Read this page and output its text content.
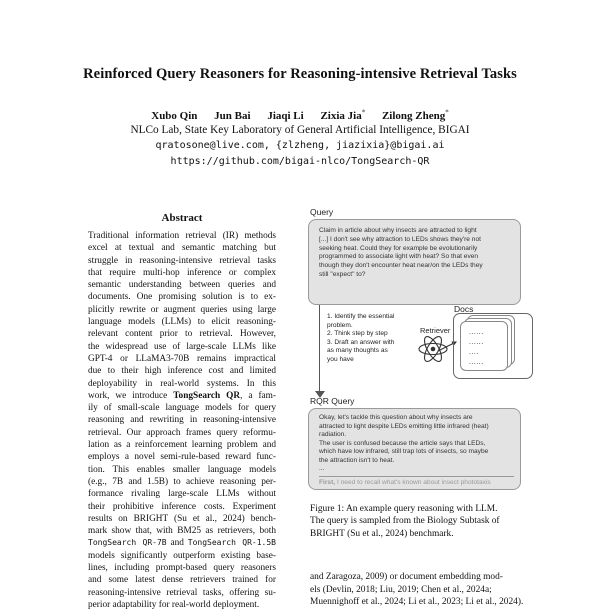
Reinforced Query Reasoners for Reasoning-intensive Retrieval Tasks
Xubo Qin Jun Bai Jiaqi Li Zixia Jia* Zilong Zheng*
NLCo Lab, State Key Laboratory of General Artificial Intelligence, BIGAI
qratosone@live.com, {zlzheng, jiazixia}@bigai.ai
https://github.com/bigai-nlco/TongSearch-QR
Abstract
Traditional information retrieval (IR) methods
excel at textual and semantic matching but
struggle in reasoning-intensive retrieval tasks
that require multi-hop inference or complex
semantic understanding between queries and
documents. One promising solution is to ex-
plicitly rewrite or augment queries using large
language models (LLMs) to elicit reasoning-
relevant content prior to retrieval. However,
the widespread use of large-scale LLMs like
GPT-4 or LLaMA3-70B remains impractical
due to their high inference cost and limited
deployability in real-world systems. In this
work, we introduce TongSearch QR, a fam-
ily of small-scale language models for query
reasoning and rewriting in reasoning-intensive
retrieval. Our approach frames query reformu-
lation as a reinforcement learning problem and
employs a novel semi-rule-based reward func-
tion. This enables smaller language models
(e.g., 7B and 1.5B) to achieve reasoning per-
formance rivaling large-scale LLMs without
their prohibitive inference costs. Experiment
results on BRIGHT (Su et al., 2024) bench-
mark show that, with BM25 as retrievers, both
TongSearch QR-7B and TongSearch QR-1.5B
models significantly outperform existing base-
lines, including prompt-based query reasoners
and some latest dense retrievers trained for
reasoning-intensive retrieval tasks, offering su-
perior adaptability for real-world deployment.
Query
Claim in article about why insects are attracted to light
[...] I don't see why attraction to LEDs shows they're not
seeking heat. Could they for example be evolutionarily
programmed to associate light with heat? So that even
though they don't encounter heat near/on the LEDs they
still "expect" to?
1. Identify the essential
problem.
2. Think step by step
3. Draft an answer with
as many thoughts as
you have
Retriever
Docs
......
......
....
......
RQR Query
Okay, let's tackle this question about why insects are
attracted to light despite LEDs emitting little infrared (heat)
radiation.
The user is confused because the article says that LEDs,
which have low infrared, still trap lots of insects, so maybe
the attraction isn't to heat.
...
First, I need to recall what's known about insect phototaxis
Figure 1: An example query reasoning with LLM.
The query is sampled from the Biology Subtask of
BRIGHT (Su et al., 2024) benchmark.
and Zaragoza, 2009) or document embedding mod-
els (Devlin, 2018; Liu, 2019; Chen et al., 2024a;
Muennighoff et al., 2024; Li et al., 2023; Li et al., 2024).
